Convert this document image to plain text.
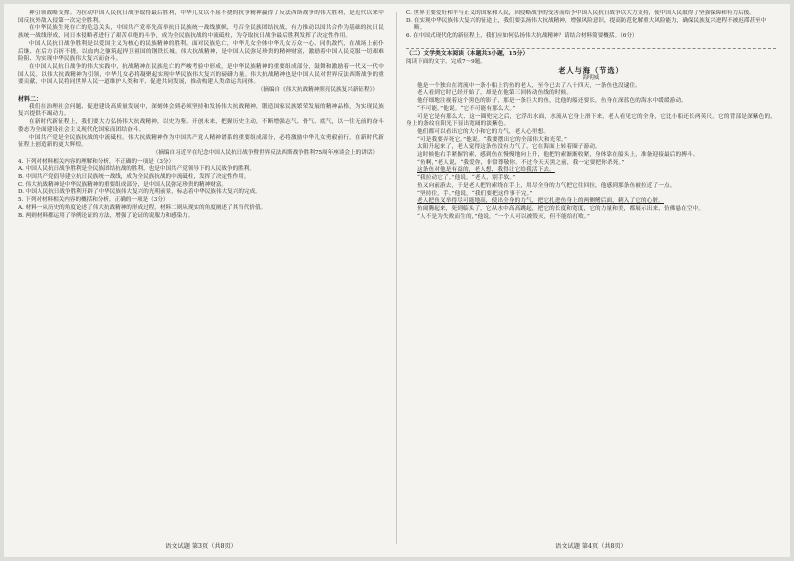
神引领战略支撑。为拉动中国人民抗日战争取得最后胜利，中华儿女以不屈不挠的抗争精神赢得了反法西斯战争的伟大胜利，是近代以来中国反抗外敌入侵第一次完全胜利。

在中华民族生死存亡的危急关头，中国共产党率先高举抗日民族统一战线旗帜，号召全民族团结抗战，有力推动以国共合作为基础的抗日民族统一战线形成，同日本侵略者进行了艰苦卓绝的斗争，成为全民族抗战的中流砥柱，为夺取抗日战争最后胜利发挥了决定性作用。

中国人民抗日战争胜利是以爱国主义为核心的民族精神的胜利。面对民族危亡，中华儿女全体中华儿女万众一心、同仇敌忾，在战场上前仆后继、在后方百折不挠，以血肉之躯筑起捍卫祖国的钢铁长城。伟大抗战精神，是中国人民弥足珍贵的精神财富，激励着中国人民克服一切艰难险阻、为实现中华民族伟大复兴而奋斗。

在中国人民抗日战争的伟大实践中，抗战精神在民族危亡的严峻考验中形成，是中华民族精神的重要组成部分，鼓舞和激励着一代又一代中国人民。以伟大抗战精神为引领，中华儿女必将凝聚起实现中华民族伟大复兴的磅礴力量。伟大抗战精神也是中国人民对世界反法西斯战争的重要贡献，中国人民将同世界人民一道维护人类和平、促进共同发展，推动构建人类命运共同体。

（摘编自《伟大抗战精神照亮民族复兴新征程》）

材料二：

我们在治理社会问题、促进建设高质量发展中，深刻体会到必须坚持和发扬伟大抗战精神，锻造国家民族繁荣发展的精神品格，为实现民族复兴提供不竭动力。

在新时代新征程上，我们要大力弘扬伟大抗战精神，以史为鉴、开创未来，把握历史主动，不断增强志气、骨气、底气，以一往无前的奋斗姿态为全面建设社会主义现代化国家而团结奋斗。

中国共产党是全民族抗战的中流砥柱。伟大抗战精神作为中国共产党人精神谱系的重要组成部分，必将激励中华儿女勇毅前行，在新时代新征程上创造新的更大辉煌。

（摘编自习近平在纪念中国人民抗日战争暨世界反法西斯战争胜利75周年座谈会上的讲话）

4. 下列对材料相关内容的理解和分析，不正确的一项是（3分）

A. 中国人民抗日战争胜利是全民族团结抗战的胜利，也是中国共产党领导下的人民战争的胜利。

B. 中国共产党倡导建立抗日民族统一战线，成为全民族抗战的中流砥柱，发挥了决定性作用。

C. 伟大抗战精神是中华民族精神的重要组成部分，是中国人民弥足珍贵的精神财富。

D. 中国人民抗日战争胜利开辟了中华民族伟大复兴的光明前景，标志着中华民族伟大复兴的完成。

5. 下列对材料相关内容的概括和分析，正确的一项是（3分）

A. 材料一从历史的角度论述了伟大抗战精神的形成过程，材料二则从现实的角度阐述了其当代价值。

B. 两则材料都运用了举例论证的方法，增强了论证的说服力和感染力。

C. 世界主要爱好和平与正义的国家和人民，因侵略战争的受害而给予中国人民抗日战争以大力支持，使中国人民取得了坚强保障和有力后援。

D. 在实现中华民族伟大复兴的征途上，我们要弘扬伟大抗战精神，增强风险意识，提高防范化解重大风险能力，确保民族复兴进程不被迟滞甚至中断。

6. 在中国式现代化的新征程上，我们应如何弘扬伟大抗战精神？请结合材料简要概括。（6分）

（二）文学类文本阅读（本题共3小题，15分）

阅读下面的文字，完成7～9题。

老人与海（节选）

海明威

他是一个独自在湾流中一条小船上钓鱼的老人，至今已去了八十四天，一条鱼也没逮住。

老人看到它时已经开始了，却是在他第三回转动鱼线的时候。

他仔细地注视着这个黑色的影子，那是一条巨大的鱼，比他的船还要长，鱼身在深蓝色的海水中缓缓游动。

“不可能。”他说。“它不可能有那么大。”

可是它是有那么大，这一圈兜完之后，它浮出水面，水流从它身上滑下来，老人看见它的全身，它比小船还长两英尺。它的背部是深紫色的，身上的条纹在阳光下显出宽阔的淡紫色。

他们都可以看出它的大小和它的力气，老人心里想。

“可是我要弄死它。”他说。“我要摆出它的全部伟大和光荣。”

太阳升起来了，老人觉得这条鱼没有力气了，它在海面上转着圈子游动。

这时候他右手紧握钓索，感到鱼在慢慢地向上升，他把钓索渐渐收紧，身体靠在船头上，准备迎接最后的搏斗。

“鱼啊，”老人说，“我爱你，非常尊敬你。不过今天天黑之前，我一定要把你杀死。”

这条鱼对他是有益的，老人想，我得让它给我活下去。

“我拉动它了。”他说。“老人，别手软。”

鱼又向前游去，于是老人把钓索绕在手上，用尽全身的力气把它往回拉，他感到那条鱼被拉近了一点。

“坚持住，手。”他说，“我们要把这件事干完。”

老人把鱼叉举得尽可能地高，使出全身的力气，把它扎进鱼身上的两侧鳍后面，刺入了它的心脏。

鱼闹腾起来，死到临头了，它从水中高高跳起，把它的长度和宽度，它的力量和美，都展示出来，仿佛悬在空中。

“人不是为失败而生的，”他说，“一个人可以被毁灭，但不能给打败。”

语文试题 第3页（共8页）	语文试题 第4页（共8页）
